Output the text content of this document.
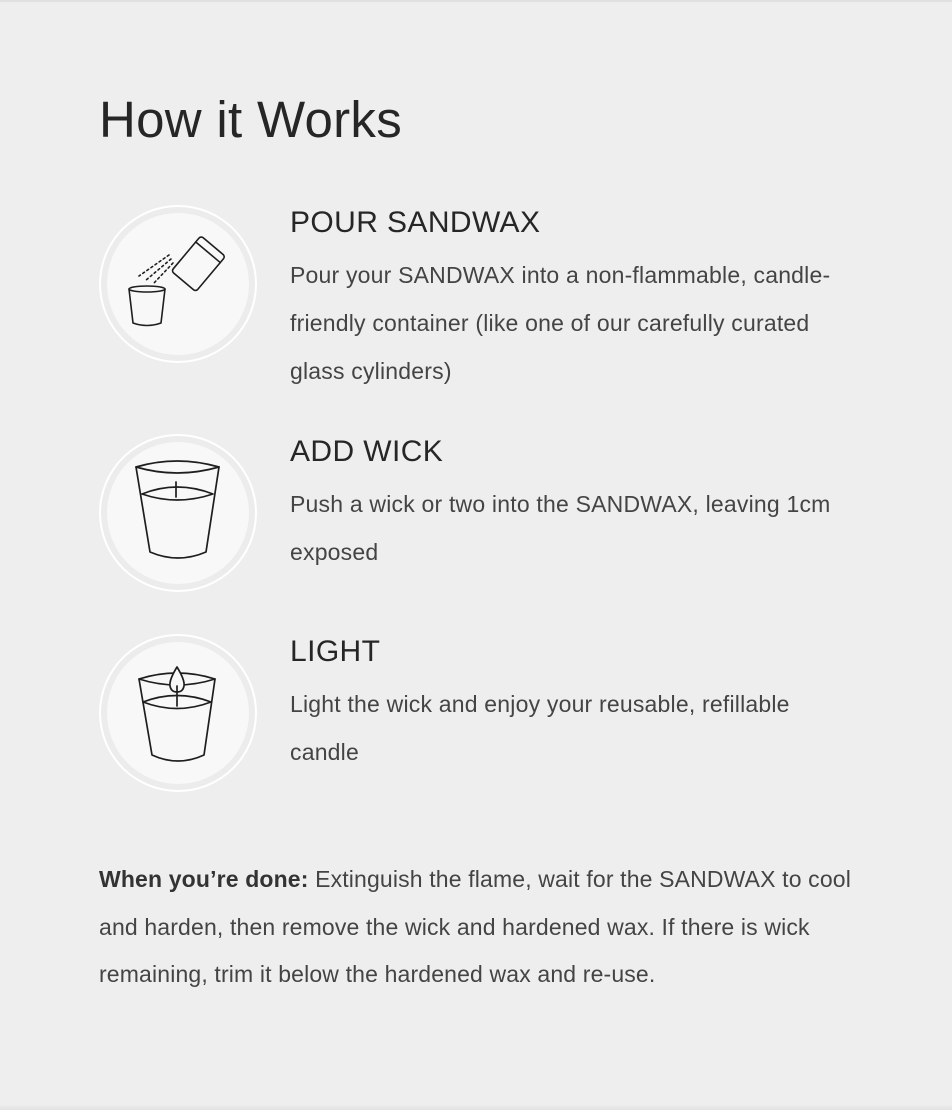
How it Works
POUR SANDWAX

Pour your SANDWAX into a non-flammable, candle-friendly container (like one of our carefully curated glass cylinders)

ADD WICK

Push a wick or two into the SANDWAX, leaving 1cm exposed

LIGHT

Light the wick and enjoy your reusable, refillable candle

When you’re done: Extinguish the flame, wait for the SANDWAX to cool and harden, then remove the wick and hardened wax. If there is wick remaining, trim it below the hardened wax and re-use.
